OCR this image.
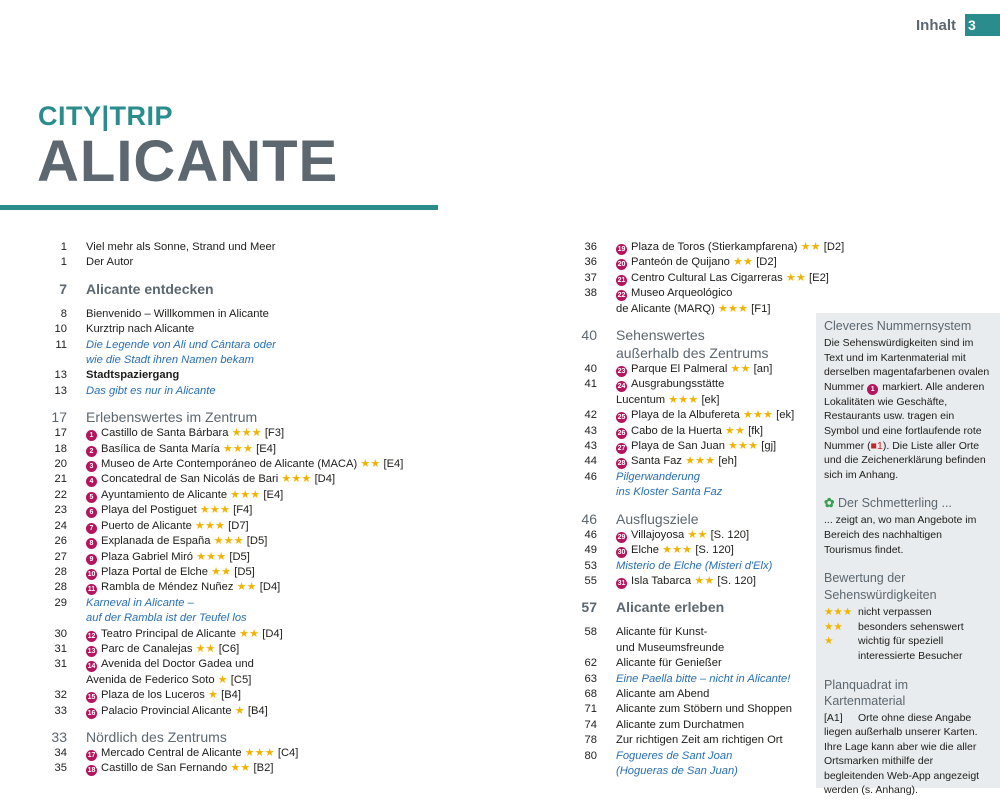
Inhalt 3
CITY|TRIP
ALICANTE
1	Viel mehr als Sonne, Strand und Meer
1	Der Autor
7	Alicante entdecken
8	Bienvenido – Willkommen in Alicante
10	Kurztrip nach Alicante
11	Die Legende von Ali und Cántara oder
wie die Stadt ihren Namen bekam
13	Stadtspaziergang
13	Das gibt es nur in Alicante
17	Erlebenswertes im Zentrum
17	1 Castillo de Santa Bárbara ★★★ [F3]
18	2 Basílica de Santa María ★★★ [E4]
20	3 Museo de Arte Contemporáneo de Alicante (MACA) ★★ [E4]
21	4 Concatedral de San Nicolás de Bari ★★★ [D4]
22	5 Ayuntamiento de Alicante ★★★ [E4]
23	6 Playa del Postiguet ★★★ [F4]
24	7 Puerto de Alicante ★★★ [D7]
26	8 Explanada de España ★★★ [D5]
27	9 Plaza Gabriel Miró ★★★ [D5]
28	10 Plaza Portal de Elche ★★ [D5]
28	11 Rambla de Méndez Nuñez ★★ [D4]
29	Karneval in Alicante –
auf der Rambla ist der Teufel los
30	12 Teatro Principal de Alicante ★★ [D4]
31	13 Parc de Canalejas ★★ [C6]
31	14 Avenida del Doctor Gadea und
Avenida de Federico Soto ★ [C5]
32	15 Plaza de los Luceros ★ [B4]
33	16 Palacio Provincial Alicante ★ [B4]
33	Nördlich des Zentrums
34	17 Mercado Central de Alicante ★★★ [C4]
35	18 Castillo de San Fernando ★★ [B2]
36	19 Plaza de Toros (Stierkampfarena) ★★ [D2]
36	20 Panteón de Quijano ★★ [D2]
37	21 Centro Cultural Las Cigarreras ★★ [E2]
38	22 Museo Arqueológico
de Alicante (MARQ) ★★★ [F1]
40	Sehenswertes
außerhalb des Zentrums
40	23 Parque El Palmeral ★★ [an]
41	24 Ausgrabungsstätte
Lucentum ★★★ [ek]
42	25 Playa de la Albufereta ★★★ [ek]
43	26 Cabo de la Huerta ★★ [fk]
43	27 Playa de San Juan ★★★ [gj]
44	28 Santa Faz ★★★ [eh]
46	Pilgerwanderung
ins Kloster Santa Faz
46	Ausflugsziele
46	29 Villajoyosa ★★ [S. 120]
49	30 Elche ★★★ [S. 120]
53	Misterio de Elche (Misteri d'Elx)
55	31 Isla Tabarca ★★ [S. 120]
57	Alicante erleben
58	Alicante für Kunst-
und Museumsfreunde
62	Alicante für Genießer
63	Eine Paella bitte – nicht in Alicante!
68	Alicante am Abend
71	Alicante zum Stöbern und Shoppen
74	Alicante zum Durchatmen
78	Zur richtigen Zeit am richtigen Ort
80	Fogueres de Sant Joan
(Hogueras de San Juan)
Cleveres Nummernsystem

Die Sehenswürdigkeiten sind im Text und im Kartenmaterial mit derselben magentafarbenen ovalen Nummer 1 markiert. Alle anderen Lokalitäten wie Geschäfte, Restaurants usw. tragen ein Symbol und eine fortlaufende rote Nummer (■1). Die Liste aller Orte und die Zeichenerklärung befinden sich im Anhang.

✿ Der Schmetterling ...

... zeigt an, wo man Angebote im Bereich des nachhaltigen Tourismus findet.

Bewertung der
Sehenswürdigkeiten
★★★ nicht verpassen
★★	besonders sehenswert
★	wichtig für speziell
interessierte Besucher
Planquadrat im Kartenmaterial

[A1] Orte ohne diese Angabe liegen außerhalb unserer Karten. Ihre Lage kann aber wie die aller Ortsmarken mithilfe der begleitenden Web-App angezeigt werden (s. Anhang).
